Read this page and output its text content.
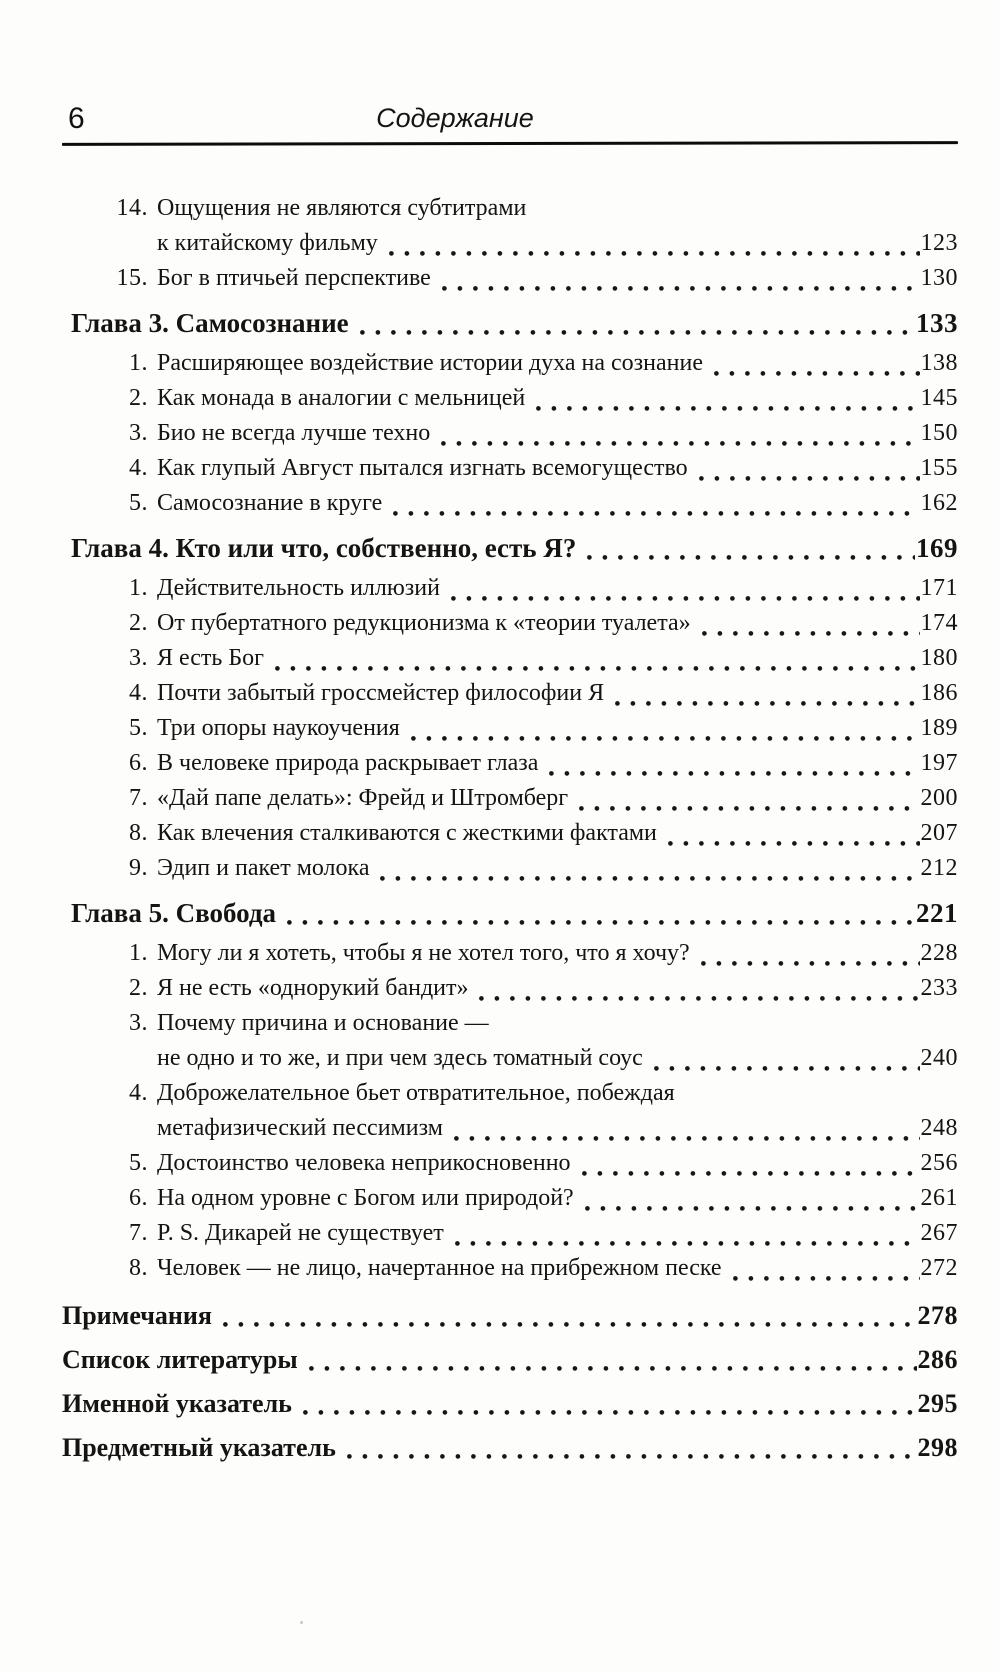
6	Содержание
14. Ощущения не являются субтитрами
к китайскому фильму	123
15. Бог в птичьей перспективе	130
Глава 3. Самосознание	133
1. Расширяющее воздействие истории духа на сознание	138
2. Как монада в аналогии с мельницей	145
3. Био не всегда лучше техно	150
4. Как глупый Август пытался изгнать всемогущество	155
5. Самосознание в круге	162
Глава 4. Кто или что, собственно, есть Я?	169
1. Действительность иллюзий	171
2. От пубертатного редукционизма к «теории туалета»	174
3. Я есть Бог	180
4. Почти забытый гроссмейстер философии Я	186
5. Три опоры наукоучения	189
6. В человеке природа раскрывает глаза	197
7. «Дай папе делать»: Фрейд и Штромберг	200
8. Как влечения сталкиваются с жесткими фактами	207
9. Эдип и пакет молока	212
Глава 5. Свобода	221
1. Могу ли я хотеть, чтобы я не хотел того, что я хочу?	228
2. Я не есть «однорукий бандит»	233
3. Почему причина и основание —
не одно и то же, и при чем здесь томатный соус	240
4. Доброжелательное бьет отвратительное, побеждая
метафизический пессимизм	248
5. Достоинство человека неприкосновенно	256
6. На одном уровне с Богом или природой?	261
7. P. S. Дикарей не существует	267
8. Человек — не лицо, начертанное на прибрежном песке	272
Примечания	278
Список литературы	286
Именной указатель	295
Предметный указатель	298
